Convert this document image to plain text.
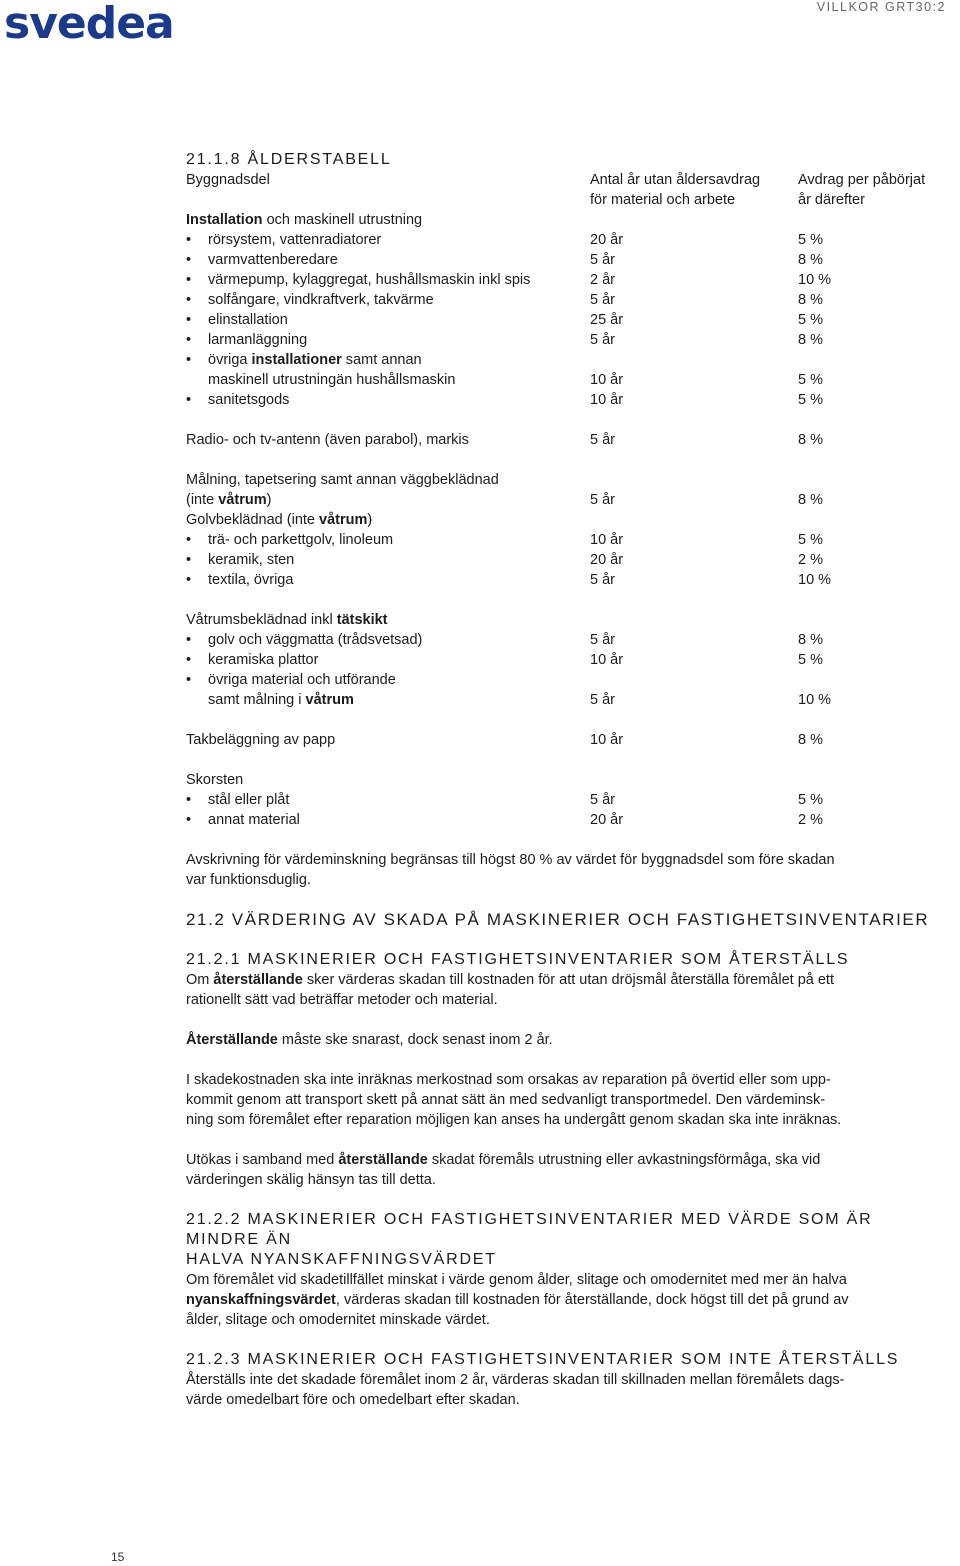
svedea	VILLKOR GRT30:2
21.1.8 ÅLDERSTABELL
Byggnadsdel	Antal år utan åldersavdrag	Avdrag per påbörjat
för material och arbete	år därefter
Installation och maskinell utrustning
•	rörsystem, vattenradiatorer	20 år	5 %
•	varmvattenberedare	5 år	8 %
•	värmepump, kylaggregat, hushållsmaskin inkl spis	2 år	10 %
•	solfångare, vindkraftverk, takvärme	5 år	8 %
•	elinstallation	25 år	5 %
•	larmanläggning	5 år	8 %
•	övriga installationer samt annan
maskinell utrustningän hushållsmaskin	10 år	5 %
•	sanitetsgods	10 år	5 %
Radio- och tv-antenn (även parabol), markis	5 år	8 %
Målning, tapetsering samt annan väggbeklädnad
(inte våtrum)	5 år	8 %
Golvbeklädnad (inte våtrum)
•	trä- och parkettgolv, linoleum	10 år	5 %
•	keramik, sten	20 år	2 %
•	textila, övriga	5 år	10 %
Våtrumsbeklädnad inkl tätskikt
•	golv och väggmatta (trådsvetsad)	5 år	8 %
•	keramiska plattor	10 år	5 %
•	övriga material och utförande
samt målning i våtrum	5 år	10 %
Takbeläggning av papp	10 år	8 %
Skorsten
•	stål eller plåt	5 år	5 %
•	annat material	20 år	2 %
Avskrivning för värdeminskning begränsas till högst 80 % av värdet för byggnadsdel som före skadan
var funktionsduglig.
21.2 VÄRDERING AV SKADA PÅ MASKINERIER OCH FASTIGHETSINVENTARIER
21.2.1 MASKINERIER OCH FASTIGHETSINVENTARIER SOM ÅTERSTÄLLS
Om återställande sker värderas skadan till kostnaden för att utan dröjsmål återställa föremålet på ett
rationellt sätt vad beträffar metoder och material.
Återställande måste ske snarast, dock senast inom 2 år.
I skadekostnaden ska inte inräknas merkostnad som orsakas av reparation på övertid eller som upp-
kommit genom att transport skett på annat sätt än med sedvanligt transportmedel. Den värdeminsk-
ning som föremålet efter reparation möjligen kan anses ha undergått genom skadan ska inte inräknas.
Utökas i samband med återställande skadat föremåls utrustning eller avkastningsförmåga, ska vid
värderingen skälig hänsyn tas till detta.
21.2.2 MASKINERIER OCH FASTIGHETSINVENTARIER MED VÄRDE SOM ÄR MINDRE ÄN
HALVA NYANSKAFFNINGSVÄRDET
Om föremålet vid skadetillfället minskat i värde genom ålder, slitage och omodernitet med mer än halva
nyanskaffningsvärdet, värderas skadan till kostnaden för återställande, dock högst till det på grund av
ålder, slitage och omodernitet minskade värdet.
21.2.3 MASKINERIER OCH FASTIGHETSINVENTARIER SOM INTE ÅTERSTÄLLS
Återställs inte det skadade föremålet inom 2 år, värderas skadan till skillnaden mellan föremålets dags-
värde omedelbart före och omedelbart efter skadan.
15
